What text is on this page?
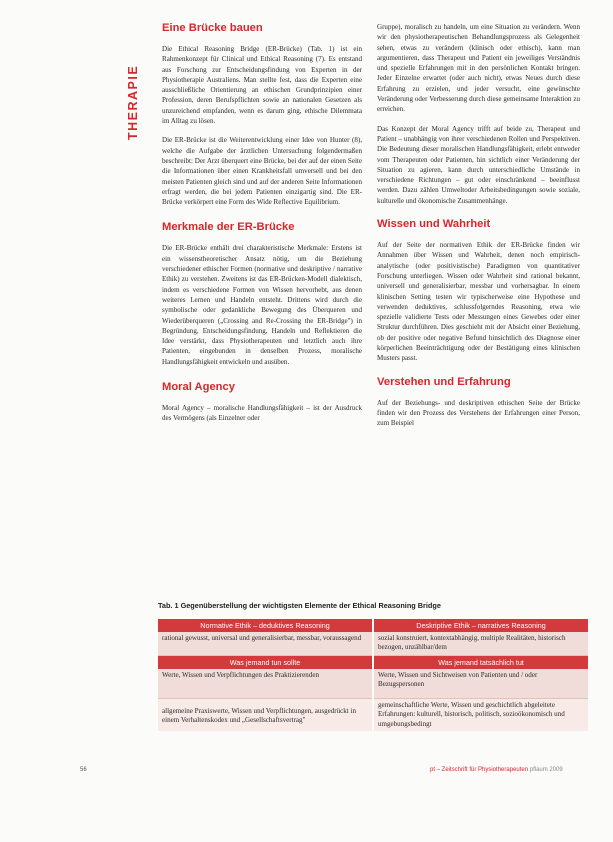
THERAPIE
Eine Brücke bauen

Die Ethical Reasoning Bridge (ER-Brücke) (Tab. 1) ist ein Rahmenkonzept für Clinical und Ethical Reasoning (7). Es entstand aus Forschung zur Entscheidungsfindung von Experten in der Physiotherapie Australiens. Man stellte fest, dass die Experten eine ausschließliche Orientierung an ethischen Grundprinzipien einer Profession, deren Berufspflichten sowie an nationalen Gesetzen als unzureichend empfanden, wenn es darum ging, ethische Dilemmata im Alltag zu lösen.

Die ER-Brücke ist die Weiterentwicklung einer Idee von Hunter (8), welche die Aufgabe der ärztlichen Untersuchung folgendermaßen beschreibt: Der Arzt überquert eine Brücke, bei der auf der einen Seite die Informationen über einen Krankheitsfall umversell und bei den meisten Patienten gleich sind und auf der anderen Seite Informationen erfragt werden, die bei jedem Patienten einzigartig sind. Die ER-Brücke verkörpert eine Form des Wide Reflective Equilibrium.

Merkmale der ER-Brücke

Die ER-Brücke enthält drei charakteristische Merkmale: Erstens ist ein wissenstheoretischer Ansatz nötig, um die Beziehung verschiedener ethischer Formen (normative und deskriptive / narrative Ethik) zu verstehen. Zweitens ist das ER-Brücken-Modell dialektisch, indem es verschiedene Formen von Wissen hervorhebt, aus denen weiteres Lernen und Handeln entsteht. Drittens wird durch die symbolische oder gedankliche Bewegung des Überqueren und Wiederüberqueren („Crossing and Re-Crossing the ER-Bridge") in Begründung, Entscheidungsfindung, Handeln und Reflektieren die Idee verstärkt, dass Physiotherapeuten und letztlich auch ihre Patienten, eingebunden in denselben Prozess, moralische Handlungsfähigkeit entwickeln und ausüben.

Moral Agency

Moral Agency – moralische Handlungsfähigkeit – ist der Ausdruck des Vermögens (als Einzelner oder

Gruppe), moralisch zu handeln, um eine Situation zu verändern. Wenn wir den physiotherapeutischen Behandlungsprozess als Gelegenheit sehen, etwas zu verändern (klinisch oder ethisch), kann man argumentieren, dass Therapeut und Patient ein jeweiliges Verständnis und spezielle Erfahrungen mit in den persönlichen Kontakt bringen. Jeder Einzelne erwartet (oder auch nicht), etwas Neues durch diese Erfahrung zu erzielen, und jeder versucht, eine gewünschte Veränderung oder Verbesserung durch diese gemeinsame Interaktion zu erreichen.

Das Konzept der Moral Agency trifft auf beide zu, Therapeut und Patient – unabhängig von ihrer verschiedenen Rollen und Perspektiven. Die Bedeutung dieser moralischen Handlungsfähigkeit, erlebt entweder vom Therapeuten oder Patienten, hin sichtlich einer Veränderung der Situation zu agieren, kann durch unterschiedliche Umstände in verschiedene Richtungen – gut oder einschränkend – beeinflusst werden. Dazu zählen Umweltoder Arbeitsbedingungen sowie soziale, kulturelle und ökonomische Zusammenhänge.

Wissen und Wahrheit

Auf der Seite der normativen Ethik der ER-Brücke finden wir Annahmen über Wissen und Wahrheit, denen noch empirisch-analytische (oder positivistische) Paradigmen von quantitativer Forschung unterliegen. Wissen oder Wahrheit sind rational bekannt, universell und generalisierbar, messbar und vorhersagbar. In einem klinischen Setting testen wir typischerweise eine Hypothese und verwenden deduktives, schlussfolgerndes Reasoning, etwa wie spezielle validierte Tests oder Messungen eines Gewebes oder einer Struktur durchführen. Dies geschieht mit der Absicht einer Beziehung, ob der positive oder negative Befund hinsichtlich des Diagnose einer körperlichen Beeinträchtigung oder der Bestätigung eines klinischen Musters passt.

Verstehen und Erfahrung

Auf der Beziehungs- und deskriptiven ethischen Seite der Brücke finden wir den Prozess des Verstehens der Erfahrungen einer Person, zum Beispiel

Tab. 1 Gegenüberstellung der wichtigsten Elemente der Ethical Reasoning Bridge
Normative Ethik – deduktives Reasoning	Deskriptive Ethik – narratives Reasoning
rational gewusst, universal und generalisierbar, messbar, voraussagend	sozial konstruiert, kontextabhängig, multiple Realitäten, historisch bezogen, unzählbar/dem
Was jemand tun sollte	Was jemand tatsächlich tut
Werte, Wissen und Verpflichtungen des Praktizierenden	Werte, Wissen und Sichtweisen von Patienten und / oder Bezugspersonen
allgemeine Praxiswerte, Wissen und Verpflichtungen, ausgedrückt in einem Verhaltenskodex und „Gesellschaftsvertrag"	gemeinschaftliche Werte, Wissen und geschichtlich abgeleitete Erfahrungen: kulturell, historisch, politisch, sozioökonomisch und umgebungsbedingt
56	pt – Zeitschrift für Physiotherapeuten pflaum 2009
